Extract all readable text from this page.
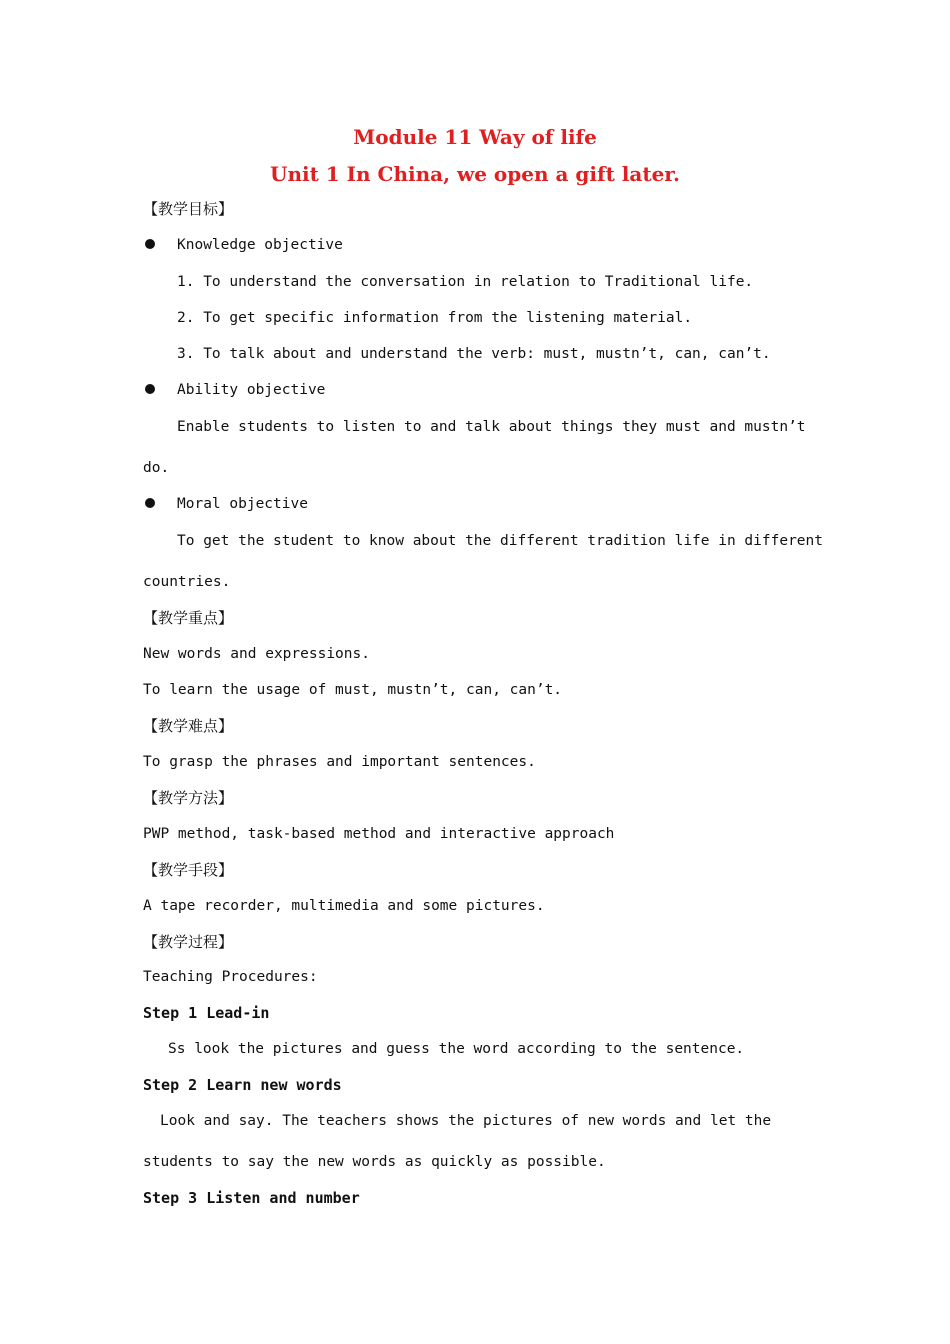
Module 11 Way of life
Unit 1 In China, we open a gift later.
【教学目标】
Knowledge objective
1. To understand the conversation in relation to Traditional life.
2. To get specific information from the listening material.
3. To talk about and understand the verb: must, mustn’t, can, can’t.
Ability objective
Enable students to listen to and talk about things they must and mustn’t
do.
Moral objective
To get the student to know about the different tradition life in different
countries.
【教学重点】
New words and expressions.
To learn the usage of must, mustn’t, can, can’t.
【教学难点】
To grasp the phrases and important sentences.
【教学方法】
PWP method, task-based method and interactive approach
【教学手段】
A tape recorder, multimedia and some pictures.
【教学过程】
Teaching Procedures:
Step 1 Lead-in
Ss look the pictures and guess the word according to the sentence.
Step 2 Learn new words
Look and say. The teachers shows the pictures of new words and let the
students to say the new words as quickly as possible.
Step 3 Listen and number
